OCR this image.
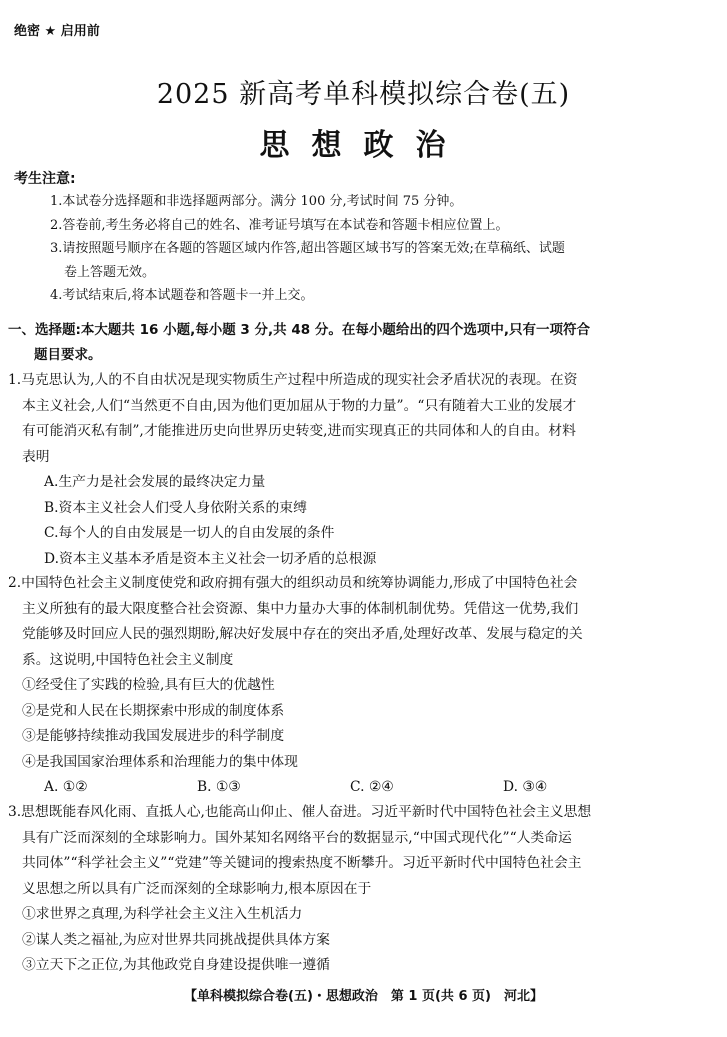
绝密 ★ 启用前
2025 新高考单科模拟综合卷(五)
思想政治
考生注意:
1.本试卷分选择题和非选择题两部分。满分 100 分,考试时间 75 分钟。
2.答卷前,考生务必将自己的姓名、准考证号填写在本试卷和答题卡相应位置上。
3.请按照题号顺序在各题的答题区域内作答,超出答题区域书写的答案无效;在草稿纸、试题
卷上答题无效。
4.考试结束后,将本试题卷和答题卡一并上交。
一、选择题:本大题共 16 小题,每小题 3 分,共 48 分。在每小题给出的四个选项中,只有一项符合
题目要求。
1.马克思认为,人的不自由状况是现实物质生产过程中所造成的现实社会矛盾状况的表现。在资
本主义社会,人们“当然更不自由,因为他们更加屈从于物的力量”。“只有随着大工业的发展才
有可能消灭私有制”,才能推进历史向世界历史转变,进而实现真正的共同体和人的自由。材料
表明
A.生产力是社会发展的最终决定力量
B.资本主义社会人们受人身依附关系的束缚
C.每个人的自由发展是一切人的自由发展的条件
D.资本主义基本矛盾是资本主义社会一切矛盾的总根源
2.中国特色社会主义制度使党和政府拥有强大的组织动员和统筹协调能力,形成了中国特色社会
主义所独有的最大限度整合社会资源、集中力量办大事的体制机制优势。凭借这一优势,我们
党能够及时回应人民的强烈期盼,解决好发展中存在的突出矛盾,处理好改革、发展与稳定的关
系。这说明,中国特色社会主义制度
①经受住了实践的检验,具有巨大的优越性
②是党和人民在长期探索中形成的制度体系
③是能够持续推动我国发展进步的科学制度
④是我国国家治理体系和治理能力的集中体现
A. ①②	B. ①③	C. ②④	D. ③④
3.思想既能春风化雨、直抵人心,也能高山仰止、催人奋进。习近平新时代中国特色社会主义思想
具有广泛而深刻的全球影响力。国外某知名网络平台的数据显示,“中国式现代化”“人类命运
共同体”“科学社会主义”“党建”等关键词的搜索热度不断攀升。习近平新时代中国特色社会主
义思想之所以具有广泛而深刻的全球影响力,根本原因在于
①求世界之真理,为科学社会主义注入生机活力
②谋人类之福祉,为应对世界共同挑战提供具体方案
③立天下之正位,为其他政党自身建设提供唯一遵循
【单科模拟综合卷(五)・思想政治　第 1 页(共 6 页)　河北】
